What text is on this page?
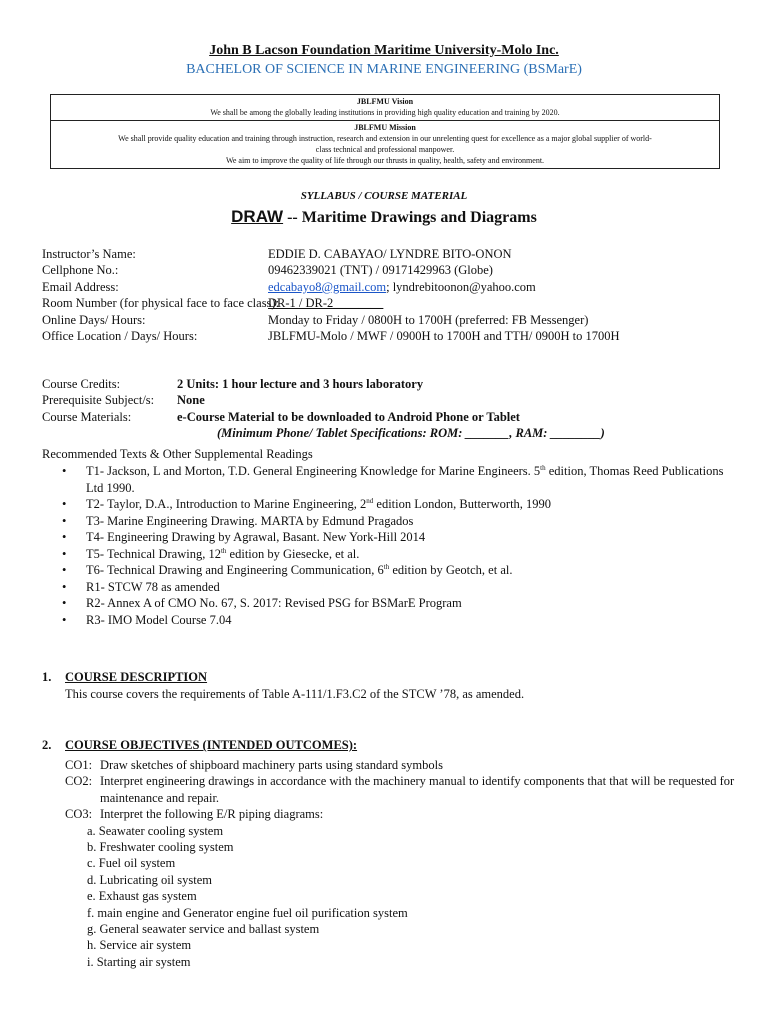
John B Lacson Foundation Maritime University-Molo Inc.
BACHELOR OF SCIENCE IN MARINE ENGINEERING (BSMarE)
JBLFMU Vision
We shall be among the globally leading institutions in providing high quality education and training by 2020.
JBLFMU Mission
We shall provide quality education and training through instruction, research and extension in our unrelenting quest for excellence as a major global supplier of world-class technical and professional manpower.
We aim to improve the quality of life through our thrusts in quality, health, safety and environment.
SYLLABUS / COURSE MATERIAL
DRAW -- Maritime Drawings and Diagrams
Instructor’s Name:	EDDIE D. CABAYAO/ LYNDRE BITO-ONON
Cellphone No.:	09462339021 (TNT) / 09171429963 (Globe)
Email Address:	edcabayo8@gmail.com; lyndrebitoonon@yahoo.com
Room Number (for physical face to face class):
DR-1 / DR-2________
Online Days/ Hours:	Monday to Friday / 0800H to 1700H (preferred: FB Messenger)
Office Location / Days/ Hours:	JBLFMU-Molo / MWF / 0900H to 1700H and TTH/ 0900H to 1700H
Course Credits:	2 Units: 1 hour lecture and 3 hours laboratory
Prerequisite Subject/s: None
Course Materials:	e-Course Material to be downloaded to Android Phone or Tablet
(Minimum Phone/ Tablet Specifications: ROM: _______, RAM: ________)
Recommended Texts & Other Supplemental Readings
• T1- Jackson, L and Morton, T.D. General Engineering Knowledge for Marine Engineers. 5th edition, Thomas Reed Publications Ltd 1990.
• T2- Taylor, D.A., Introduction to Marine Engineering, 2nd edition London, Butterworth, 1990
• T3- Marine Engineering Drawing. MARTA by Edmund Pragados
• T4- Engineering Drawing by Agrawal, Basant. New York-Hill 2014
• T5- Technical Drawing, 12th edition by Giesecke, et al.
• T6- Technical Drawing and Engineering Communication, 6th edition by Geotch, et al.
• R1- STCW 78 as amended
• R2- Annex A of CMO No. 67, S. 2017: Revised PSG for BSMarE Program
• R3- IMO Model Course 7.04
1. COURSE DESCRIPTION
This course covers the requirements of Table A-111/1.F3.C2 of the STCW ’78, as amended.
2. COURSE OBJECTIVES (INTENDED OUTCOMES):
CO1: Draw sketches of shipboard machinery parts using standard symbols
CO2: Interpret engineering drawings in accordance with the machinery manual to identify components that that will be requested for maintenance and repair.
CO3: Interpret the following E/R piping diagrams:
a. Seawater cooling system
b. Freshwater cooling system
c. Fuel oil system
d. Lubricating oil system
e. Exhaust gas system
f. main engine and Generator engine fuel oil purification system
g. General seawater service and ballast system
h. Service air system
i. Starting air system
